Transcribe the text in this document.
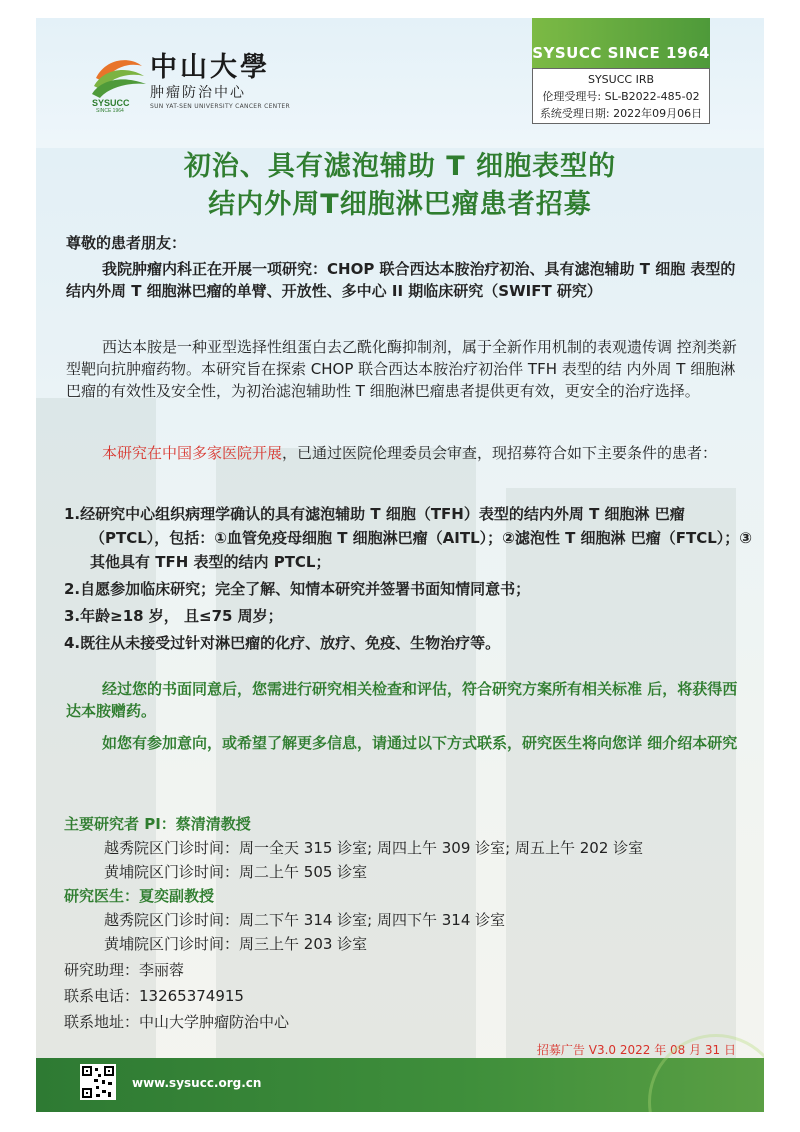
SYSUCC
SINCE 1964
中山大學
肿瘤防治中心
SUN YAT-SEN UNIVERSITY CANCER CENTER
SYSUCC SINCE 1964
SYSUCC IRB
伦理受理号: SL-B2022-485-02
系统受理日期: 2022年09月06日
初治、具有滤泡辅助 T 细胞表型的
结内外周T细胞淋巴瘤患者招募
尊敬的患者朋友：
我院肿瘤内科正在开展一项研究：CHOP 联合西达本胺治疗初治、具有滤泡辅助 T 细胞 表型的结内外周 T 细胞淋巴瘤的单臂、开放性、多中心 II 期临床研究（SWIFT 研究）
西达本胺是一种亚型选择性组蛋白去乙酰化酶抑制剂，属于全新作用机制的表观遗传调 控剂类新型靶向抗肿瘤药物。本研究旨在探索 CHOP 联合西达本胺治疗初治伴 TFH 表型的结 内外周 T 细胞淋巴瘤的有效性及安全性，为初治滤泡辅助性 T 细胞淋巴瘤患者提供更有效，更安全的治疗选择。
本研究在中国多家医院开展，已通过医院伦理委员会审查，现招募符合如下主要条件的患者：
1.经研究中心组织病理学确认的具有滤泡辅助 T 细胞（TFH）表型的结内外周 T 细胞淋 巴瘤（PTCL），包括：①血管免疫母细胞 T 细胞淋巴瘤（AITL）；②滤泡性 T 细胞淋 巴瘤（FTCL）；③其他具有 TFH 表型的结内 PTCL；
2.自愿参加临床研究；完全了解、知情本研究并签署书面知情同意书；
3.年龄≥18 岁， 且≤75 周岁；
4.既往从未接受过针对淋巴瘤的化疗、放疗、免疫、生物治疗等。
经过您的书面同意后，您需进行研究相关检查和评估，符合研究方案所有相关标准 后，将获得西达本胺赠药。
如您有参加意向，或希望了解更多信息，请通过以下方式联系，研究医生将向您详 细介绍本研究
主要研究者 PI：蔡清清教授
越秀院区门诊时间：周一全天 315 诊室; 周四上午 309 诊室; 周五上午 202 诊室
黄埔院区门诊时间：周二上午 505 诊室
研究医生：夏奕副教授
越秀院区门诊时间：周二下午 314 诊室; 周四下午 314 诊室
黄埔院区门诊时间：周三上午 203 诊室
研究助理：李丽蓉
联系电话：13265374915
联系地址：中山大学肿瘤防治中心
招募广告 V3.0 2022 年 08 月 31 日
www.sysucc.org.cn
